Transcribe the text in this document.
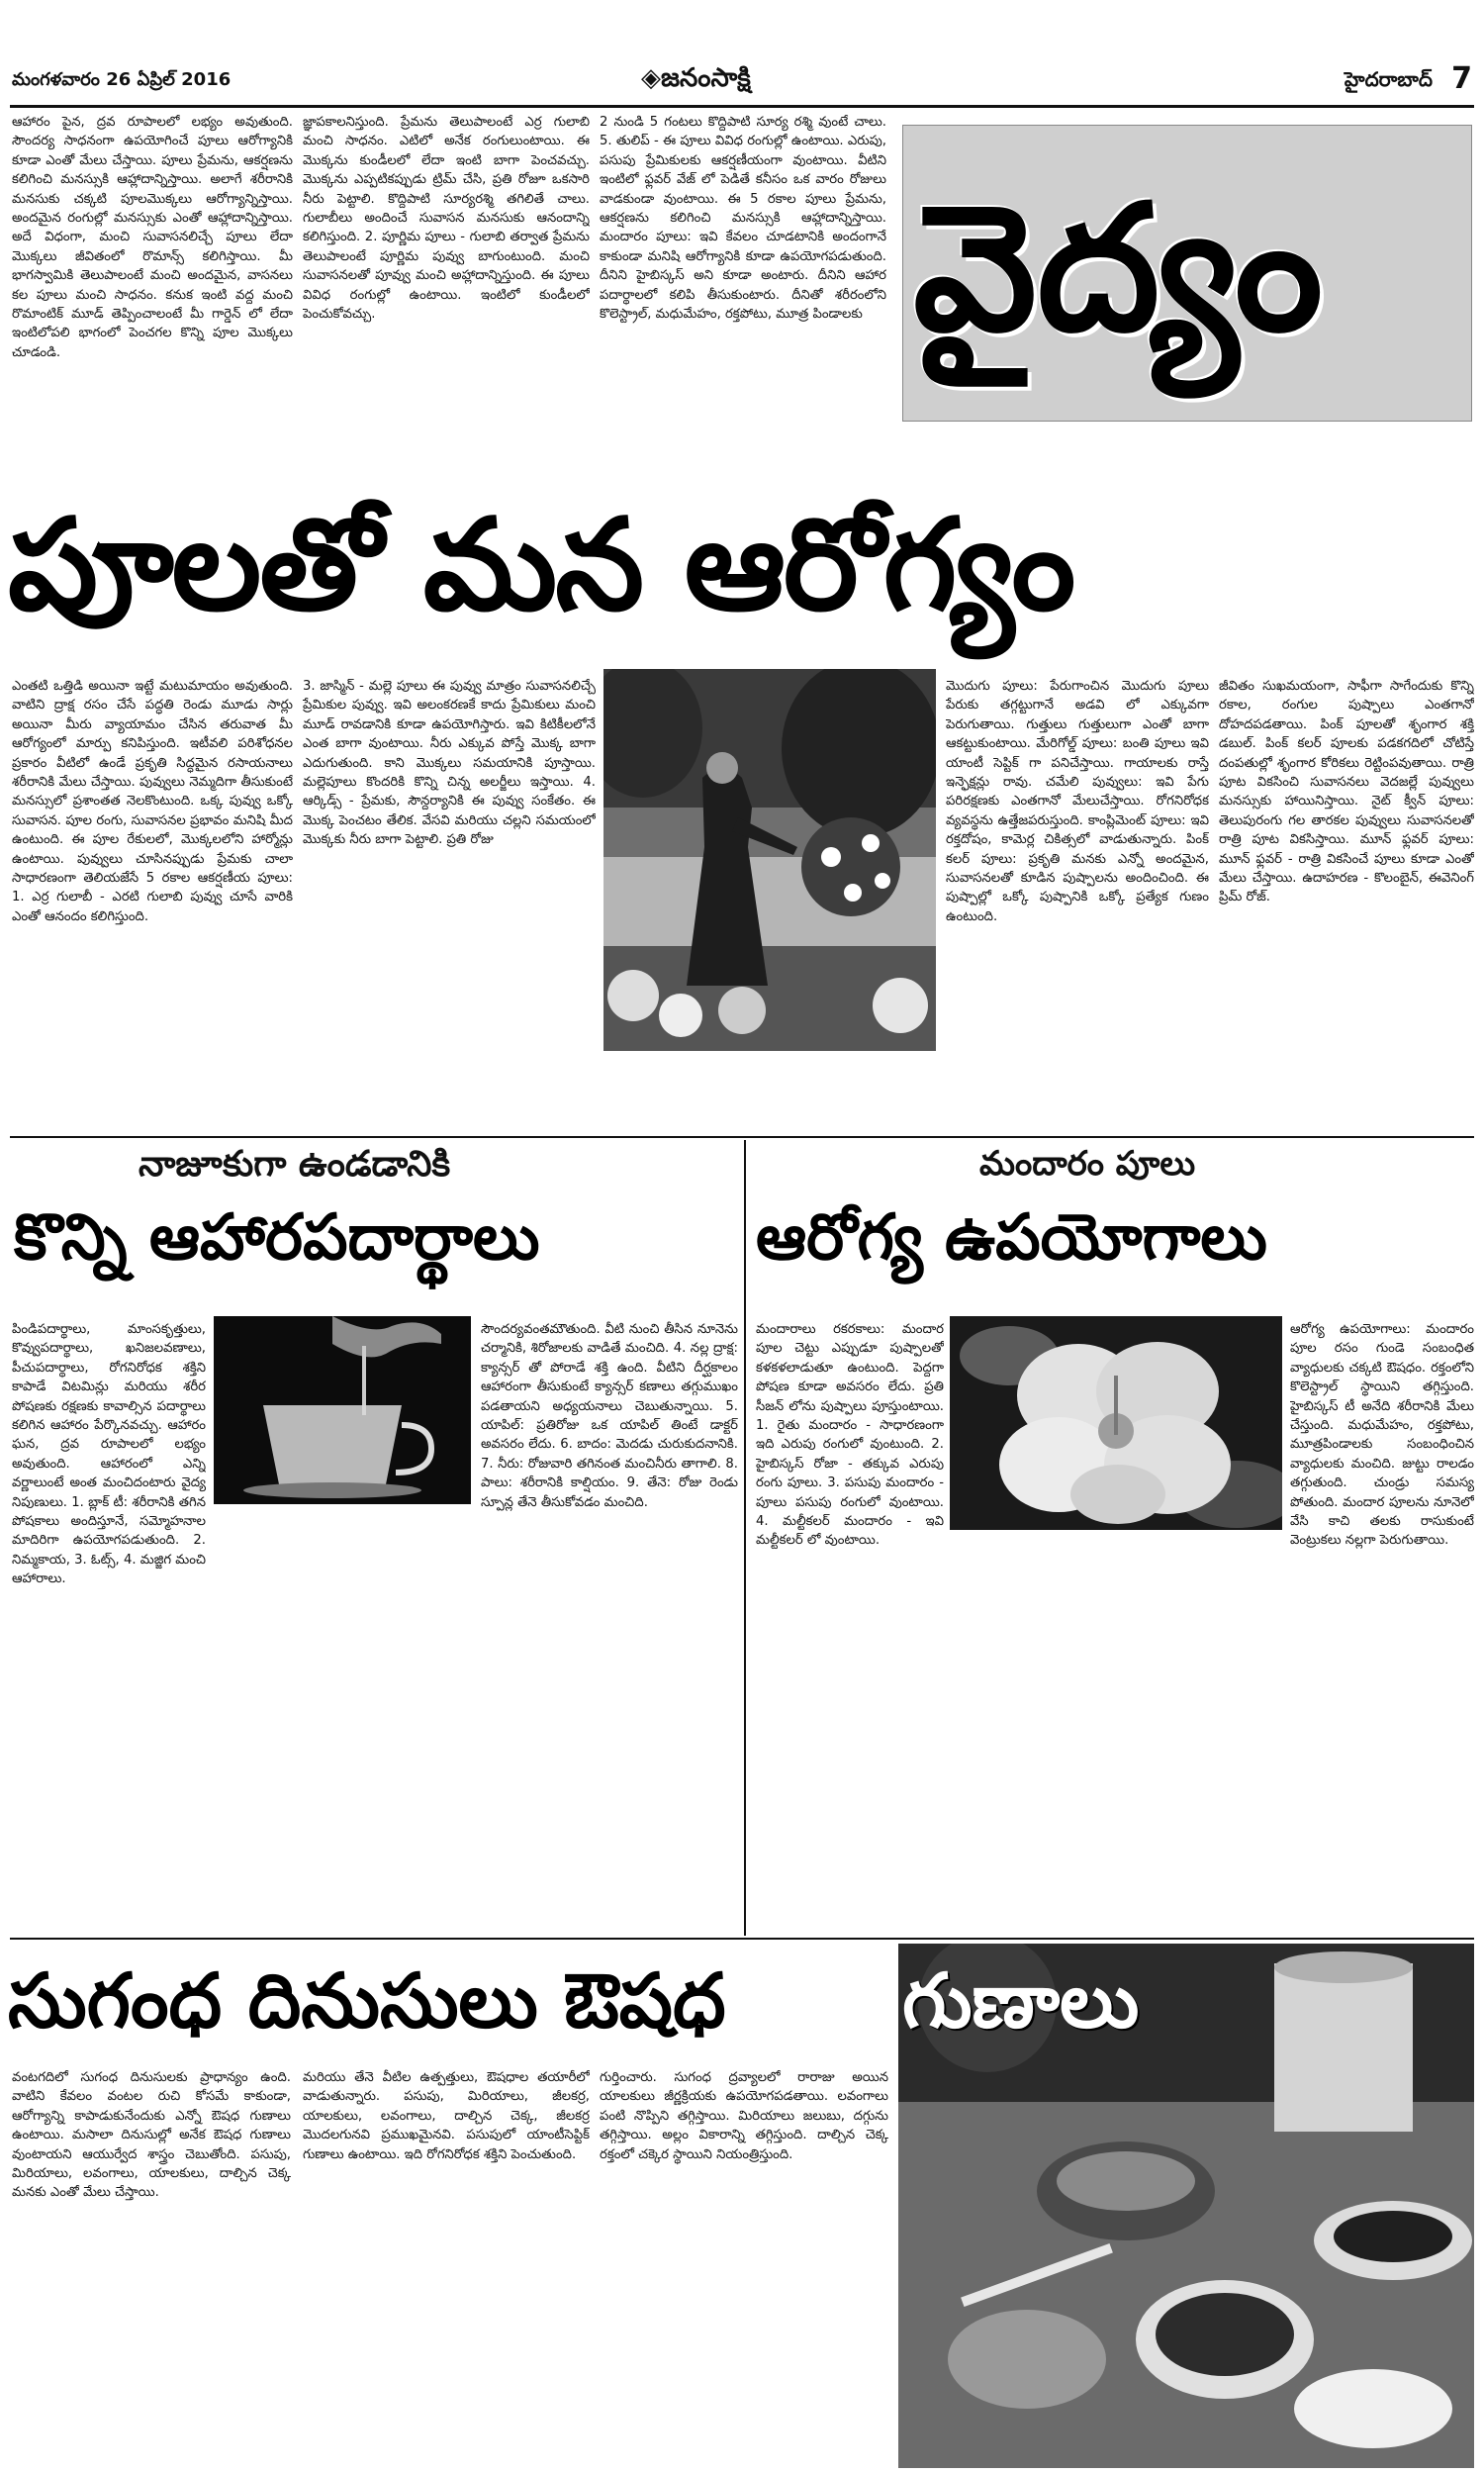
మంగళవారం 26 ఏప్రిల్ 2016	◈జనంసాక్షి	హైదరాబాద్ 7

ఆహారం పైన, ద్రవ రూపాలలో లభ్యం అవుతుంది. సౌందర్య సాధనంగా ఉపయోగించే పూలు ఆరోగ్యానికి కూడా ఎంతో మేలు చేస్తాయి. పూలు ప్రేమను, ఆకర్షణను కలిగించి మనస్సుకి ఆహ్లాదాన్నిస్తాయి. అలాగే శరీరానికి మనసుకు చక్కటి పూలమొక్కలు ఆరోగ్యాన్నిస్తాయి. అందమైన రంగుల్లో మనస్సుకు ఎంతో ఆహ్లాదాన్నిస్తాయి. అదే విధంగా, మంచి సువాసనలిచ్చే పూలు లేదా మొక్కలు జీవితంలో రొమాన్స్ కలిగిస్తాయి. మీ భాగస్వామికి తెలుపాలంటే మంచి అందమైన, వాసనలు కల పూలు మంచి సాధనం. కనుక ఇంటి వద్ద మంచి రొమాంటిక్ మూడ్ తెప్పించాలంటే మీ గార్డెన్ లో లేదా ఇంటిలోపలి భాగంలో పెంచగల కొన్ని పూల మొక్కలు చూడండి.

జ్ఞాపకాలనిస్తుంది. ప్రేమను తెలుపాలంటే ఎర్ర గులాబి మంచి సాధనం. ఎటిలో అనేక రంగులుంటాయి. ఈ మొక్కను కుండీలలో లేదా ఇంటి బాగా పెంచవచ్చు. మొక్కను ఎప్పటికప్పుడు ట్రిమ్ చేసి, ప్రతి రోజూ ఒకసారి నీరు పెట్టాలి. కొద్దిపాటి సూర్యరశ్మి తగిలితే చాలు. గులాబీలు అందించే సువాసన మనసుకు ఆనందాన్ని కలిగిస్తుంది. 2. పూర్ణిమ పూలు - గులాబి తర్వాత ప్రేమను తెలుపాలంటే పూర్ణిమ పువ్వు బాగుంటుంది. మంచి సువాసనలతో పూవ్వు మంచి అహ్లాదాన్నిస్తుంది. ఈ పూలు వివిధ రంగుల్లో ఉంటాయి. ఇంటిలో కుండీలలో పెంచుకోవచ్చు.

2 నుండి 5 గంటలు కొద్దిపాటి సూర్య రశ్మి వుంటే చాలు. 5. తులిప్ - ఈ పూలు వివిధ రంగుల్లో ఉంటాయి. ఎరుపు, పసుపు ప్రేమికులకు ఆకర్షణీయంగా వుంటాయి. వీటిని ఇంటిలో ఫ్లవర్ వేజ్ లో పెడితే కనీసం ఒక వారం రోజులు వాడకుండా వుంటాయి. ఈ 5 రకాల పూలు ప్రేమను, ఆకర్షణను కలిగించి మనస్సుకి ఆహ్లాదాన్నిస్తాయి. మందారం పూలు: ఇవి కేవలం చూడటానికి అందంగానే కాకుండా మనిషి ఆరోగ్యానికి కూడా ఉపయోగపడుతుంది. దీనిని హైబిస్కస్ అని కూడా అంటారు. దీనిని ఆహార పదార్థాలలో కలిపి తీసుకుంటారు. దీనితో శరీరంలోని కొలెస్ట్రాల్, మధుమేహం, రక్తపోటు, మూత్ర పిండాలకు వైద్యం
పూలతో మన ఆరోగ్యం

ఎంతటి ఒత్తిడి అయినా ఇట్టే మటుమాయం అవుతుంది. వాటిని ద్రాక్ష రసం చేసే పద్ధతి రెండు మూడు సార్లు అయినా మీరు వ్యాయామం చేసిన తరువాత మీ ఆరోగ్యంలో మార్పు కనిపిస్తుంది. ఇటీవలి పరిశోధనల ప్రకారం వీటిలో ఉండే ప్రకృతి సిద్ధమైన రసాయనాలు శరీరానికి మేలు చేస్తాయి. పువ్వులు నెమ్మదిగా తీసుకుంటే మనస్సులో ప్రశాంతత నెలకొంటుంది. ఒక్క పువ్వు ఒక్కో సువాసన. పూల రంగు, సువాసనల ప్రభావం మనిషి మీద ఉంటుంది. ఈ పూల రేకులలో, మొక్కలలోని హార్మోన్లు ఉంటాయి. పువ్వులు చూసినప్పుడు ప్రేమకు చాలా సాధారణంగా తెలియజేసే 5 రకాల ఆకర్షణీయ పూలు: 1. ఎర్ర గులాబీ - ఎరటి గులాబి పువ్వు చూసే వారికి ఎంతో ఆనందం కలిగిస్తుంది.

3. జాస్మిన్ - మల్లె పూలు ఈ పువ్వు మాత్రం సువాసనలిచ్చే ప్రేమికుల పువ్వు. ఇవి అలంకరణకే కాదు ప్రేమికులు మంచి మూడ్ రావడానికి కూడా ఉపయోగిస్తారు. ఇవి కిటికీలలోనే ఎంత బాగా వుంటాయి. నీరు ఎక్కువ పోస్తే మొక్క బాగా ఎదుగుతుంది. కాని మొక్కలు సమయానికి పూస్తాయి. మల్లెపూలు కొందరికి కొన్ని చిన్న అలర్జీలు ఇస్తాయి. 4. ఆర్కిడ్స్ - ప్రేమకు, సౌన్దర్యానికి ఈ పువ్వు సంకేతం. ఈ మొక్క పెంచటం తేలిక. వేసవి మరియు చల్లని సమయంలో మొక్కకు నీరు బాగా పెట్టాలి. ప్రతి రోజు

మొదుగు పూలు: పేరుగాంచిన మొదుగు పూలు పేరుకు తగ్గట్టుగానే అడవి లో ఎక్కువగా పెరుగుతాయి. గుత్తులు గుత్తులుగా ఎంతో బాగా ఆకట్టుకుంటాయి. మేరిగోల్డ్ పూలు: బంతి పూలు ఇవి యాంటీ సెప్టిక్ గా పనిచేస్తాయి. గాయాలకు రాస్తే ఇన్ఫెక్షన్లు రావు. చమేలి పువ్వులు: ఇవి పేగు పరిరక్షణకు ఎంతగానో మేలుచేస్తాయి. రోగనిరోధక వ్యవస్థను ఉత్తేజపరుస్తుంది. కాంప్లిమెంట్ పూలు: ఇవి రక్తదోషం, కామెర్ల చికిత్సలో వాడుతున్నారు. పింక్ కలర్ పూలు: ప్రకృతి మనకు ఎన్నో అందమైన, సువాసనలతో కూడిన పుష్పాలను అందించింది. ఈ పుష్పాల్లో ఒక్కో పుష్పానికి ఒక్కో ప్రత్యేక గుణం ఉంటుంది.

జీవితం సుఖమయంగా, సాఫీగా సాగేందుకు కొన్ని రకాల, రంగుల పుష్పాలు ఎంతగానో దోహదపడతాయి. పింక్ పూలతో శృంగార శక్తి డబుల్. పింక్ కలర్ పూలకు పడకగదిలో చోటిస్తే దంపతుల్లో శృంగార కోరికలు రెట్టింపవుతాయి. రాత్రి పూట వికసించి సువాసనలు వెదజల్లే పువ్వులు మనస్సుకు హాయినిస్తాయి. నైట్ క్వీన్ పూలు: తెలుపురంగు గల తారకల పువ్వులు సువాసనలతో రాత్రి పూట వికసిస్తాయి. మూన్ ఫ్లవర్ పూలు: మూన్ ఫ్లవర్ - రాత్రి వికసించే పూలు కూడా ఎంతో మేలు చేస్తాయి. ఉదాహరణ - కొలంబైన్, ఈవెనింగ్ ప్రిమ్ రోజ్.

నాజూకుగా ఉండడానికి
కొన్ని ఆహారపదార్థాలు

పిండిపదార్థాలు, మాంసకృత్తులు, కొవ్వుపదార్థాలు, ఖనిజలవణాలు, పీచుపదార్థాలు, రోగనిరోధక శక్తిని కాపాడే విటమిన్లు మరియు శరీర పోషణకు రక్షణకు కావాల్సిన పదార్థాలు కలిగిన ఆహారం పేర్కొనవచ్చు. ఆహారం ఘన, ద్రవ రూపాలలో లభ్యం అవుతుంది. ఆహారంలో ఎన్ని వర్ణాలుంటే అంత మంచిదంటారు వైద్య నిపుణులు. 1. బ్లాక్ టీ: శరీరానికి తగిన పోషకాలు అందిస్తూనే, సమ్మోహనాల మాదిరిగా ఉపయోగపడుతుంది. 2. నిమ్మకాయ, 3. ఓట్స్, 4. మజ్జిగ మంచి ఆహారాలు.

సౌందర్యవంతమౌతుంది. వీటి నుంచి తీసిన నూనెను చర్మానికి, శిరోజాలకు వాడితే మంచిది. 4. నల్ల ద్రాక్ష: క్యాన్సర్ తో పోరాడే శక్తి ఉంది. వీటిని దీర్ఘకాలం ఆహారంగా తీసుకుంటే క్యాన్సర్ కణాలు తగ్గుముఖం పడతాయని అధ్యయనాలు చెబుతున్నాయి. 5. యాపిల్: ప్రతిరోజు ఒక యాపిల్ తింటే డాక్టర్ అవసరం లేదు. 6. బాదం: మెదడు చురుకుదనానికి. 7. నీరు: రోజువారి తగినంత మంచినీరు తాగాలి. 8. పాలు: శరీరానికి కాల్షియం. 9. తేనె: రోజు రెండు స్పూన్ల తేనె తీసుకోవడం మంచిది.

మందారం పూలు
ఆరోగ్య ఉపయోగాలు

మందారాలు రకరకాలు: మందార పూల చెట్టు ఎప్పుడూ పుష్పాలతో కళకళలాడుతూ ఉంటుంది. పెద్దగా పోషణ కూడా అవసరం లేదు. ప్రతి సీజన్ లోను పుష్పాలు పూస్తుంటాయి. 1. రైతు మందారం - సాధారణంగా ఇది ఎరుపు రంగులో వుంటుంది. 2. హైబిస్కస్ రోజా - తక్కువ ఎరుపు రంగు పూలు. 3. పసుపు మందారం - పూలు పసుపు రంగులో వుంటాయి. 4. మల్టీకలర్ మందారం - ఇవి మల్టీకలర్ లో వుంటాయి.

ఆరోగ్య ఉపయోగాలు: మందారం పూల రసం గుండె సంబంధిత వ్యాధులకు చక్కటి ఔషధం. రక్తంలోని కొలెస్ట్రాల్ స్థాయిని తగ్గిస్తుంది. హైబిస్కస్ టీ అనేది శరీరానికి మేలు చేస్తుంది. మధుమేహం, రక్తపోటు, మూత్రపిండాలకు సంబంధించిన వ్యాధులకు మంచిది. జుట్టు రాలడం తగ్గుతుంది. చుండ్రు సమస్య పోతుంది. మందార పూలను నూనెలో వేసి కాచి తలకు రాసుకుంటే వెంట్రుకలు నల్లగా పెరుగుతాయి.

సుగంధ దినుసులు ఔషధ గుణాలు

వంటగదిలో సుగంధ దినుసులకు ప్రాధాన్యం ఉంది. వాటిని కేవలం వంటల రుచి కోసమే కాకుండా, ఆరోగ్యాన్ని కాపాడుకునేందుకు ఎన్నో ఔషధ గుణాలు ఉంటాయి. మసాలా దినుసుల్లో అనేక ఔషధ గుణాలు వుంటాయని ఆయుర్వేద శాస్త్రం చెబుతోంది. పసుపు, మిరియాలు, లవంగాలు, యాలకులు, దాల్చిన చెక్క మనకు ఎంతో మేలు చేస్తాయి.

మరియు తేనె వీటిల ఉత్పత్తులు, ఔషధాల తయారీలో వాడుతున్నారు. పసుపు, మిరియాలు, జీలకర్ర, యాలకులు, లవంగాలు, దాల్చిన చెక్క, జీలకర్ర మొదలగునవి ప్రముఖమైనవి. పసుపులో యాంటీసెప్టిక్ గుణాలు ఉంటాయి. ఇది రోగనిరోధక శక్తిని పెంచుతుంది.

గుర్తించారు. సుగంధ ద్రవ్యాలలో రారాజు అయిన యాలకులు జీర్ణక్రియకు ఉపయోగపడతాయి. లవంగాలు పంటి నొప్పిని తగ్గిస్తాయి. మిరియాలు జలుబు, దగ్గును తగ్గిస్తాయి. అల్లం వికారాన్ని తగ్గిస్తుంది. దాల్చిన చెక్క రక్తంలో చక్కెర స్థాయిని నియంత్రిస్తుంది.
